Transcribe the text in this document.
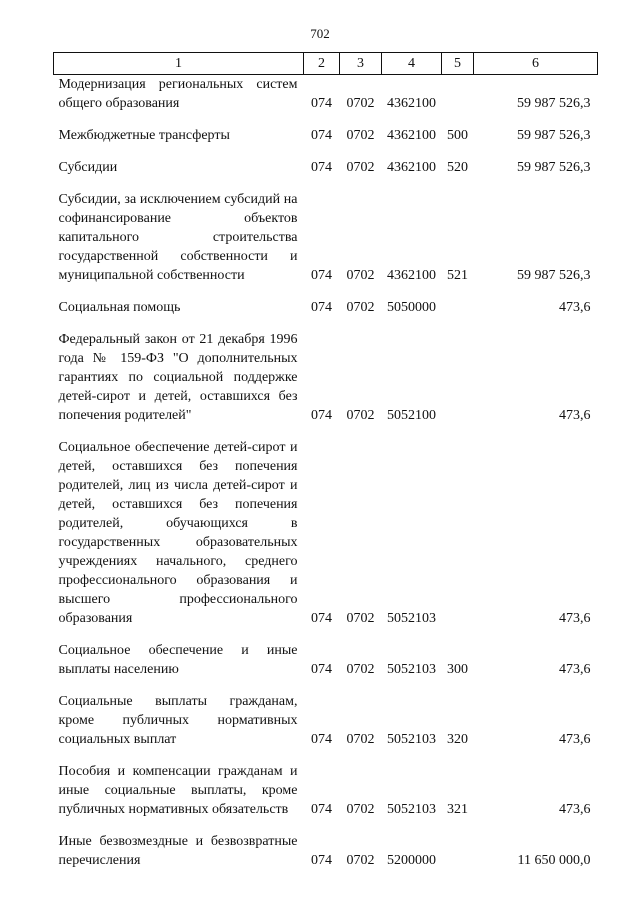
702
1	2	3	4	5	6
Модернизация региональных систем общего образования	074	0702	4362100		59 987 526,3
Межбюджетные трансферты	074	0702	4362100	500	59 987 526,3
Субсидии	074	0702	4362100	520	59 987 526,3
Субсидии, за исключением субсидий на софинансирование объектов капитального строительства государственной собственности и муниципальной собственности	074	0702	4362100	521	59 987 526,3
Социальная помощь	074	0702	5050000		473,6
Федеральный закон от 21 декабря 1996 года № 159-ФЗ "О дополнительных гарантиях по социальной поддержке детей-сирот и детей, оставшихся без попечения родителей"	074	0702	5052100		473,6
Социальное обеспечение детей-сирот и детей, оставшихся без попечения родителей, лиц из числа детей-сирот и детей, оставшихся без попечения родителей, обучающихся в государственных образовательных учреждениях начального, среднего профессионального образования и высшего профессионального образования	074	0702	5052103		473,6
Социальное обеспечение и иные выплаты населению	074	0702	5052103	300	473,6
Социальные выплаты гражданам, кроме публичных нормативных социальных выплат	074	0702	5052103	320	473,6
Пособия и компенсации гражданам и иные социальные выплаты, кроме публичных нормативных обязательств	074	0702	5052103	321	473,6
Иные безвозмездные и безвозвратные перечисления	074	0702	5200000		11 650 000,0
